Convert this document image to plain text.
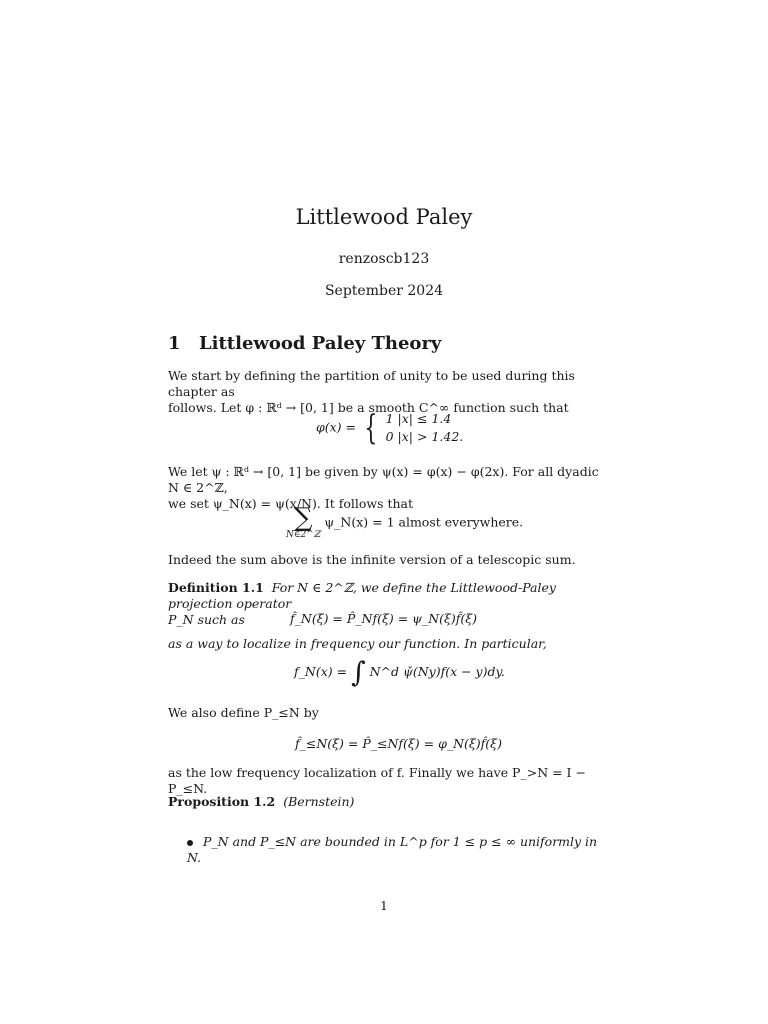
Littlewood Paley
renzoscb123
September 2024
1 Littlewood Paley Theory
We start by defining the partition of unity to be used during this chapter as
follows. Let φ : ℝᵈ → [0, 1] be a smooth C^∞ function such that
φ(x) = { 1 |x| ≤ 1.4
0 |x| > 1.42.
We let ψ : ℝᵈ → [0, 1] be given by ψ(x) = φ(x) − φ(2x). For all dyadic N ∈ 2^ℤ,
we set ψ_N(x) = ψ(x/N). It follows that
∑
N∈2^ℤ
ψ_N(x) = 1 almost everywhere.
Indeed the sum above is the infinite version of a telescopic sum.
Definition 1.1 For N ∈ 2^ℤ, we define the Littlewood-Paley projection operator
P_N such as	f̂_N(ξ) = P̂_Nf(ξ) = ψ_N(ξ)f̂(ξ)
as a way to localize in frequency our function. In particular,
f_N(x) = ∫ N^d ψ̌(Ny)f(x − y)dy.
We also define P_≤N by
f̂_≤N(ξ) = P̂_≤Nf(ξ) = φ_N(ξ)f̂(ξ)
as the low frequency localization of f. Finally we have P_>N = I − P_≤N.
Proposition 1.2 (Bernstein)
P_N and P_≤N are bounded in L^p for 1 ≤ p ≤ ∞ uniformly in N.
1
